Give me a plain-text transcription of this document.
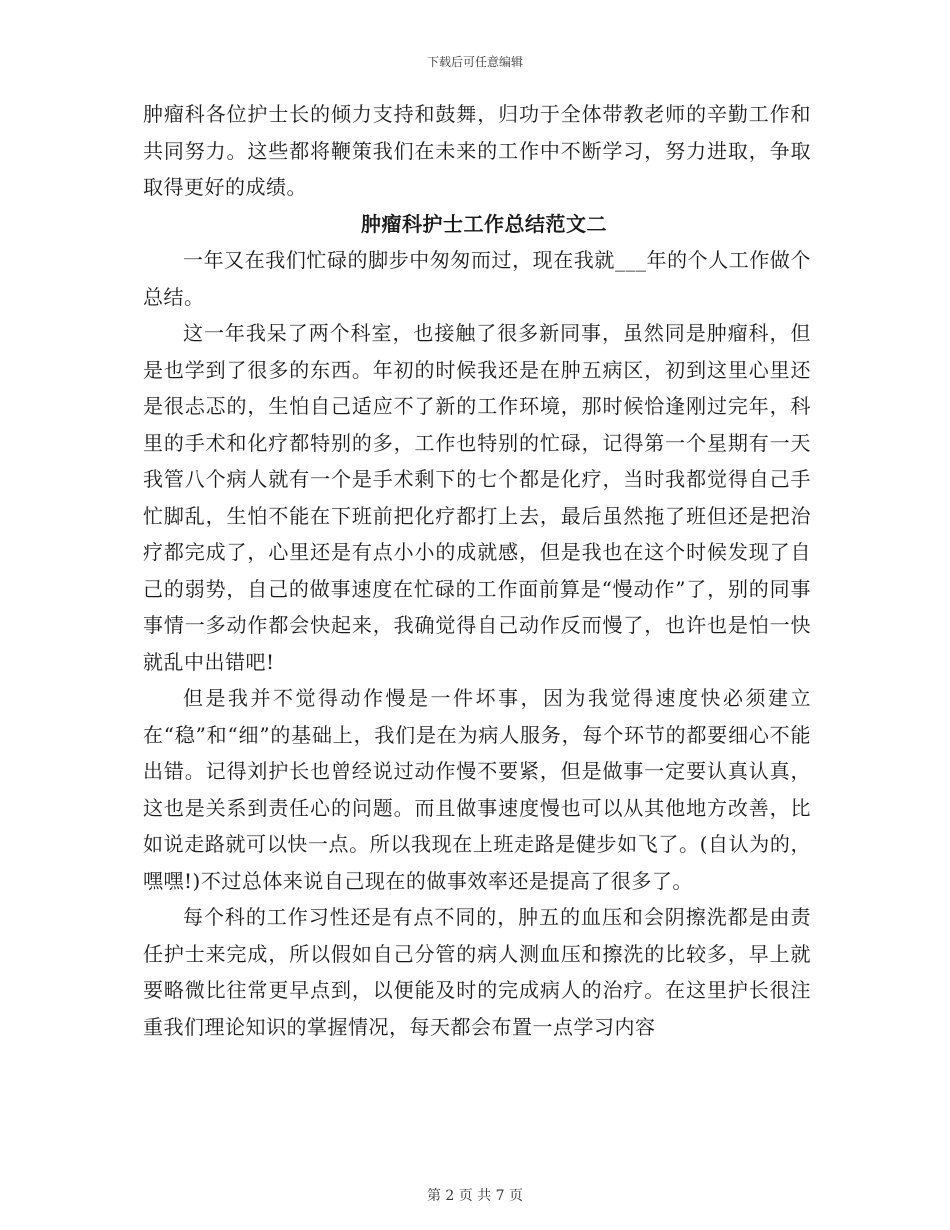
下载后可任意编辑

肿瘤科各位护士长的倾力支持和鼓舞，归功于全体带教老师的辛勤工作和共同努力。这些都将鞭策我们在未来的工作中不断学习，努力进取，争取取得更好的成绩。

肿瘤科护士工作总结范文二

一年又在我们忙碌的脚步中匆匆而过，现在我就___年的个人工作做个总结。

这一年我呆了两个科室，也接触了很多新同事，虽然同是肿瘤科，但是也学到了很多的东西。年初的时候我还是在肿五病区，初到这里心里还是很忐忑的，生怕自己适应不了新的工作环境，那时候恰逢刚过完年，科里的手术和化疗都特别的多，工作也特别的忙碌，记得第一个星期有一天我管八个病人就有一个是手术剩下的七个都是化疗，当时我都觉得自己手忙脚乱，生怕不能在下班前把化疗都打上去，最后虽然拖了班但还是把治疗都完成了，心里还是有点小小的成就感，但是我也在这个时候发现了自己的弱势，自己的做事速度在忙碌的工作面前算是“慢动作”了，别的同事事情一多动作都会快起来，我确觉得自己动作反而慢了，也许也是怕一快就乱中出错吧!

但是我并不觉得动作慢是一件坏事，因为我觉得速度快必须建立在“稳”和“细”的基础上，我们是在为病人服务，每个环节的都要细心不能出错。记得刘护长也曾经说过动作慢不要紧，但是做事一定要认真认真，这也是关系到责任心的问题。而且做事速度慢也可以从其他地方改善，比如说走路就可以快一点。所以我现在上班走路是健步如飞了。(自认为的，嘿嘿!)不过总体来说自己现在的做事效率还是提高了很多了。

每个科的工作习性还是有点不同的，肿五的血压和会阴擦洗都是由责任护士来完成，所以假如自己分管的病人测血压和擦洗的比较多，早上就要略微比往常更早点到，以便能及时的完成病人的治疗。在这里护长很注重我们理论知识的掌握情况，每天都会布置一点学习内容

第 2 页 共 7 页
